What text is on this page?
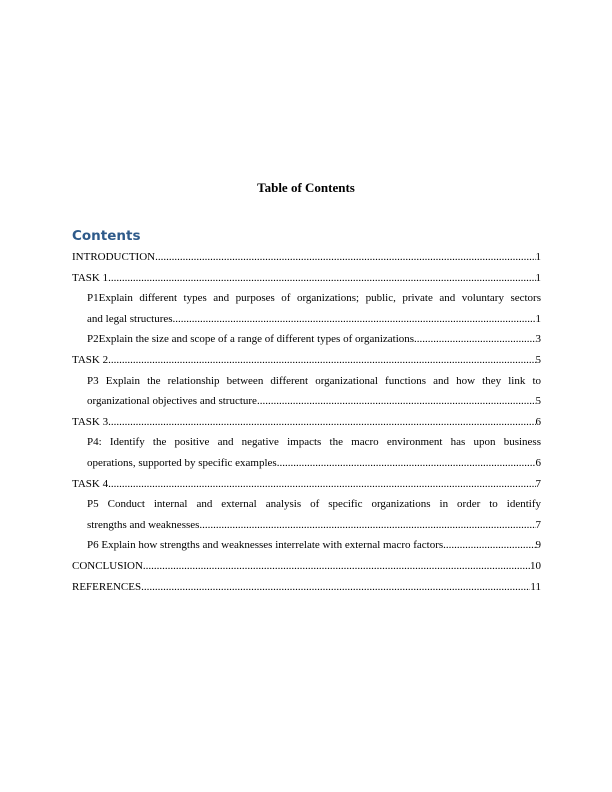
Table of Contents
Contents
INTRODUCTION .....	1
TASK 1 .....	1
P1Explain different types and purposes of organizations; public, private and voluntary sectors
and legal structures .....	1
P2Explain the size and scope of a range of different types of organizations .....	3
TASK 2 .....	5
P3 Explain the relationship between different organizational functions and how they link to
organizational objectives and structure .....	5
TASK 3 .....	6
P4: Identify the positive and negative impacts the macro environment has upon business
operations, supported by specific examples .....	6
TASK 4 .....	7
P5 Conduct internal and external analysis of specific organizations in order to identify
strengths and weaknesses .....	7
P6 Explain how strengths and weaknesses interrelate with external macro factors .....	9
CONCLUSION .....	10
REFERENCES .....	11
